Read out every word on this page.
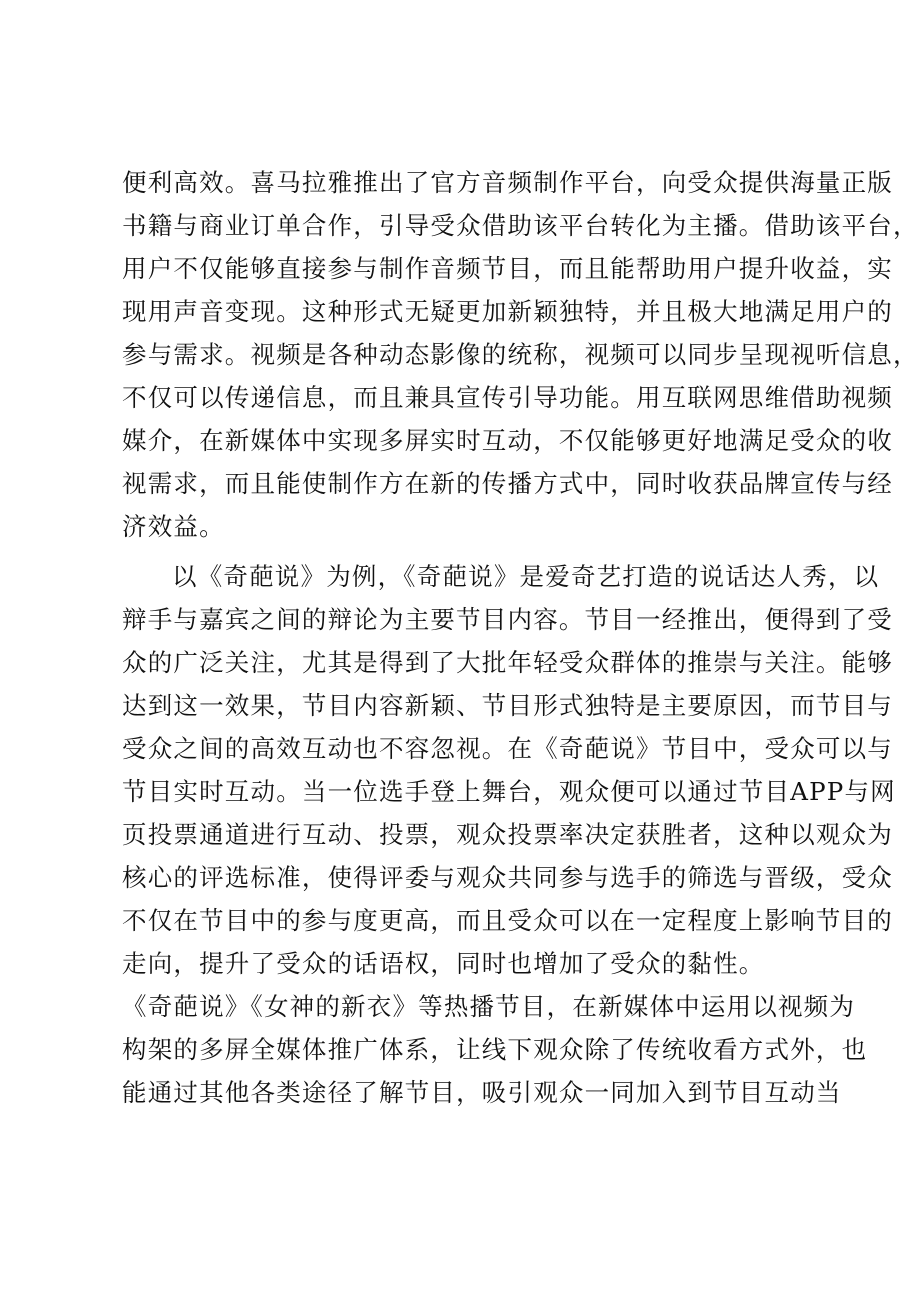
便利高效。喜马拉雅推出了官方音频制作平台，向受众提供海量正版
书籍与商业订单合作，引导受众借助该平台转化为主播。借助该平台，
用户不仅能够直接参与制作音频节目，而且能帮助用户提升收益，实
现用声音变现。这种形式无疑更加新颖独特，并且极大地满足用户的
参与需求。视频是各种动态影像的统称，视频可以同步呈现视听信息，
不仅可以传递信息，而且兼具宣传引导功能。用互联网思维借助视频
媒介，在新媒体中实现多屏实时互动，不仅能够更好地满足受众的收
视需求，而且能使制作方在新的传播方式中，同时收获品牌宣传与经
济效益。
以《奇葩说》为例，《奇葩说》是爱奇艺打造的说话达人秀，以
辩手与嘉宾之间的辩论为主要节目内容。节目一经推出，便得到了受
众的广泛关注，尤其是得到了大批年轻受众群体的推崇与关注。能够
达到这一效果，节目内容新颖、节目形式独特是主要原因，而节目与
受众之间的高效互动也不容忽视。在《奇葩说》节目中，受众可以与
节目实时互动。当一位选手登上舞台，观众便可以通过节目APP与网
页投票通道进行互动、投票，观众投票率决定获胜者，这种以观众为
核心的评选标准，使得评委与观众共同参与选手的筛选与晋级，受众
不仅在节目中的参与度更高，而且受众可以在一定程度上影响节目的
走向，提升了受众的话语权，同时也增加了受众的黏性。
《奇葩说》《女神的新衣》等热播节目，在新媒体中运用以视频为
构架的多屏全媒体推广体系，让线下观众除了传统收看方式外，也
能通过其他各类途径了解节目，吸引观众一同加入到节目互动当
